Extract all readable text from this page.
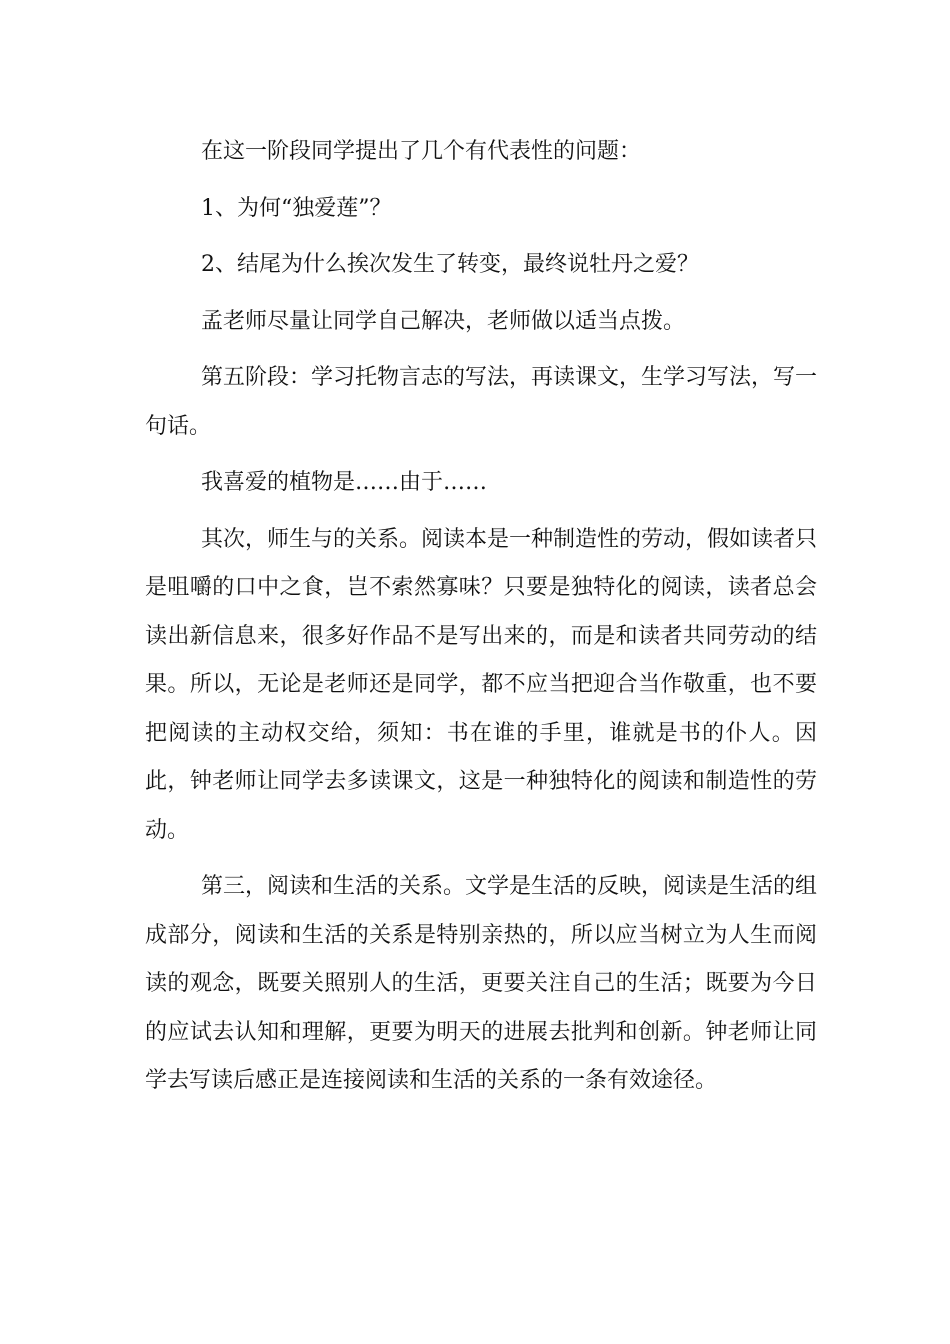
在这一阶段同学提出了几个有代表性的问题：

1、为何“独爱莲”？

2、结尾为什么挨次发生了转变，最终说牡丹之爱？

孟老师尽量让同学自己解决，老师做以适当点拨。

第五阶段：学习托物言志的写法，再读课文，生学习写法，写一句话。

我喜爱的植物是……由于……

其次，师生与的关系。阅读本是一种制造性的劳动，假如读者只是咀嚼的口中之食，岂不索然寡味？只要是独特化的阅读，读者总会读出新信息来，很多好作品不是写出来的，而是和读者共同劳动的结果。所以，无论是老师还是同学，都不应当把迎合当作敬重，也不要把阅读的主动权交给，须知：书在谁的手里，谁就是书的仆人。因此，钟老师让同学去多读课文，这是一种独特化的阅读和制造性的劳动。

第三，阅读和生活的关系。文学是生活的反映，阅读是生活的组成部分，阅读和生活的关系是特别亲热的，所以应当树立为人生而阅读的观念，既要关照别人的生活，更要关注自己的生活；既要为今日的应试去认知和理解，更要为明天的进展去批判和创新。钟老师让同学去写读后感正是连接阅读和生活的关系的一条有效途径。
